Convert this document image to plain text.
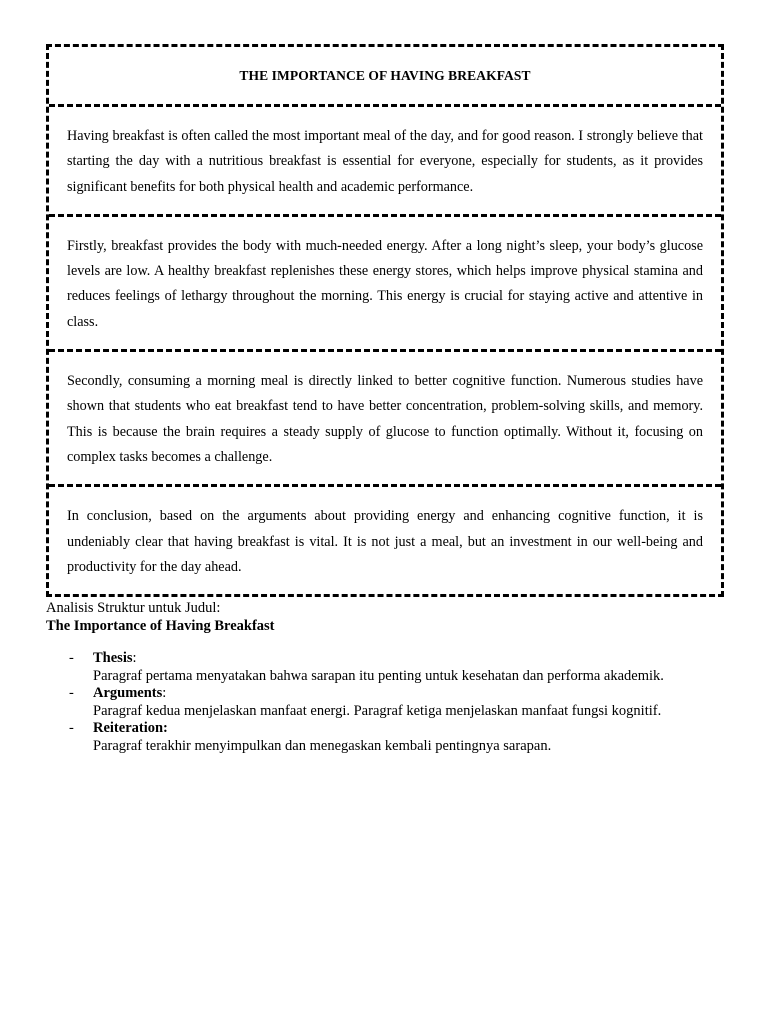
THE IMPORTANCE OF HAVING BREAKFAST

Having breakfast is often called the most important meal of the day, and for good reason. I strongly believe that starting the day with a nutritious breakfast is essential for everyone, especially for students, as it provides significant benefits for both physical health and academic performance.

Firstly, breakfast provides the body with much-needed energy. After a long night’s sleep, your body’s glucose levels are low. A healthy breakfast replenishes these energy stores, which helps improve physical stamina and reduces feelings of lethargy throughout the morning. This energy is crucial for staying active and attentive in class.

Secondly, consuming a morning meal is directly linked to better cognitive function. Numerous studies have shown that students who eat breakfast tend to have better concentration, problem-solving skills, and memory. This is because the brain requires a steady supply of glucose to function optimally. Without it, focusing on complex tasks becomes a challenge.

In conclusion, based on the arguments about providing energy and enhancing cognitive function, it is undeniably clear that having breakfast is vital. It is not just a meal, but an investment in our well-being and productivity for the day ahead.

Analisis Struktur untuk Judul:

The Importance of Having Breakfast

- Thesis:
Paragraf pertama menyatakan bahwa sarapan itu penting untuk kesehatan dan performa akademik.
- Arguments:
Paragraf kedua menjelaskan manfaat energi. Paragraf ketiga menjelaskan manfaat fungsi kognitif.
- Reiteration:
Paragraf terakhir menyimpulkan dan menegaskan kembali pentingnya sarapan.
